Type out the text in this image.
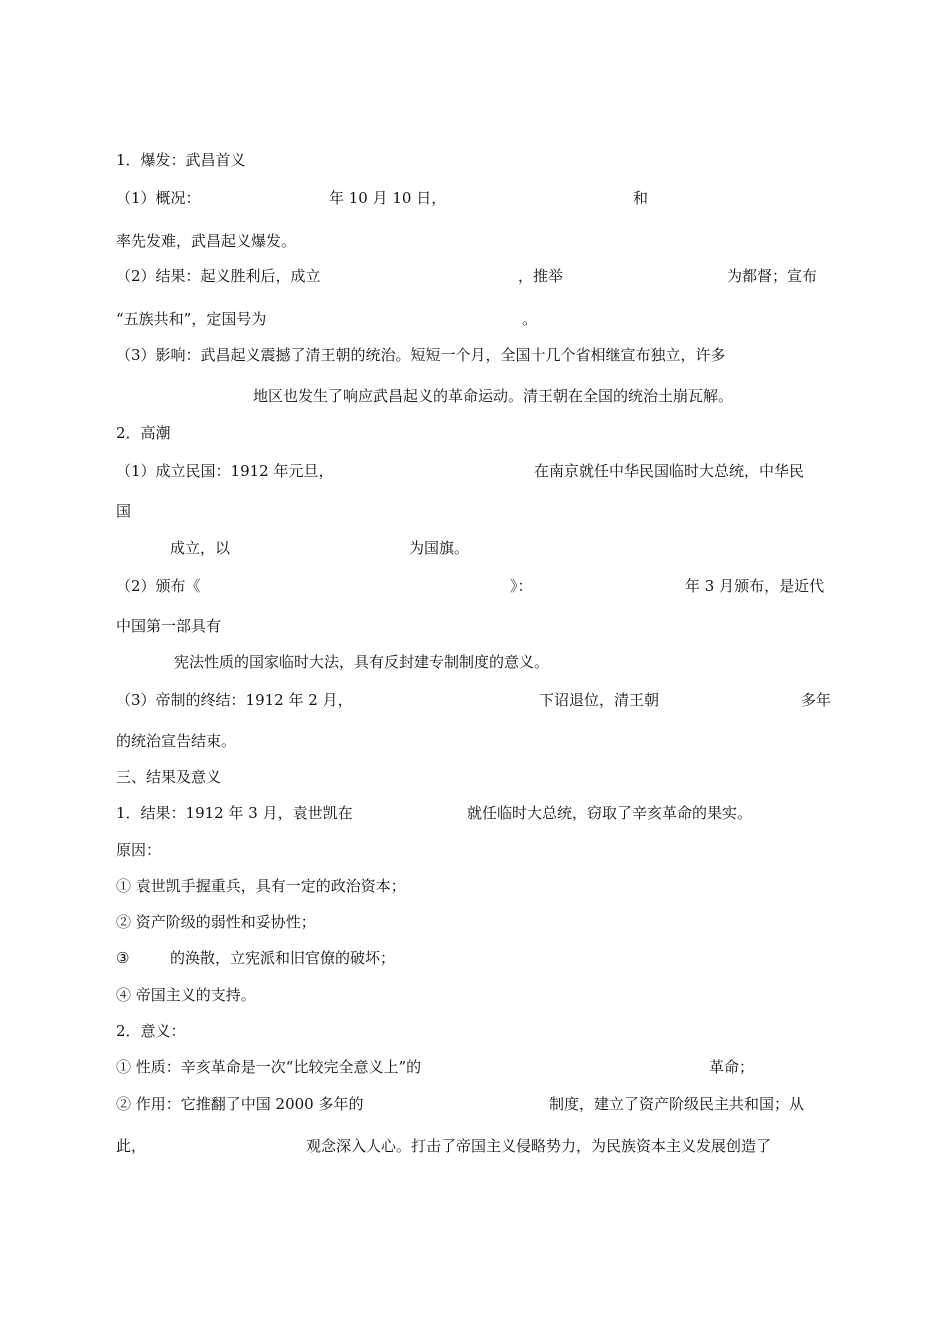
1．爆发：武昌首义

（1）概况：

	年 10 月 10 日，

	和

率先发难，武昌起义爆发。

（2）结果：起义胜利后，成立

	，推举

	为都督；宣布

“五族共和”，定国号为

	。

（3）影响：武昌起义震撼了清王朝的统治。短短一个月，全国十几个省相继宣布独立，许多
地区也发生了响应武昌起义的革命运动。清王朝在全国的统治土崩瓦解。
2．高潮

（1）成立民国：1912 年元旦，

	在南京就任中华民国临时大总统，中华民

国

成立，以

	为国旗。

（2）颁布《

	》：

	年 3 月颁布，是近代

中国第一部具有
宪法性质的国家临时大法，具有反封建专制制度的意义。

（3）帝制的终结：1912 年 2 月，

	下诏退位，清王朝

	多年

的统治宣告结束。
三、结果及意义

1．结果：1912 年 3 月，袁世凯在

	就任临时大总统，窃取了辛亥革命的果实。

原因：
① 袁世凯手握重兵，具有一定的政治资本；
② 资产阶级的弱性和妥协性；

③

	的涣散，立宪派和旧官僚的破坏；

④ 帝国主义的支持。
2．意义：

① 性质：辛亥革命是一次“比较完全意义上”的

	革命；

② 作用：它推翻了中国 2000 多年的

	制度，建立了资产阶级民主共和国；从

此，

	观念深入人心。打击了帝国主义侵略势力，为民族资本主义发展创造了
